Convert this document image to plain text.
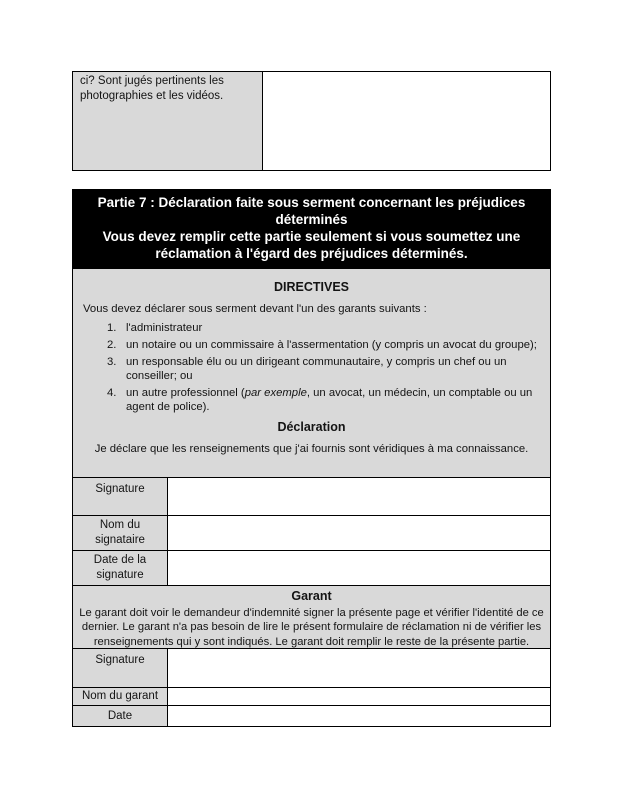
ci? Sont jugés pertinents les photographies et les vidéos.
Partie 7 : Déclaration faite sous serment concernant les préjudices déterminés
Vous devez remplir cette partie seulement si vous soumettez une réclamation à l'égard des préjudices déterminés.
DIRECTIVES
Vous devez déclarer sous serment devant l'un des garants suivants :
1. l'administrateur
2. un notaire ou un commissaire à l'assermentation (y compris un avocat du groupe);
3. un responsable élu ou un dirigeant communautaire, y compris un chef ou un conseiller; ou
4. un autre professionnel (par exemple, un avocat, un médecin, un comptable ou un agent de police).
Déclaration
Je déclare que les renseignements que j'ai fournis sont véridiques à ma connaissance.
Signature
Nom du signataire
Date de la signature
Garant
Le garant doit voir le demandeur d'indemnité signer la présente page et vérifier l'identité de ce dernier. Le garant n'a pas besoin de lire le présent formulaire de réclamation ni de vérifier les renseignements qui y sont indiqués. Le garant doit remplir le reste de la présente partie.
Signature
Nom du garant
Date
